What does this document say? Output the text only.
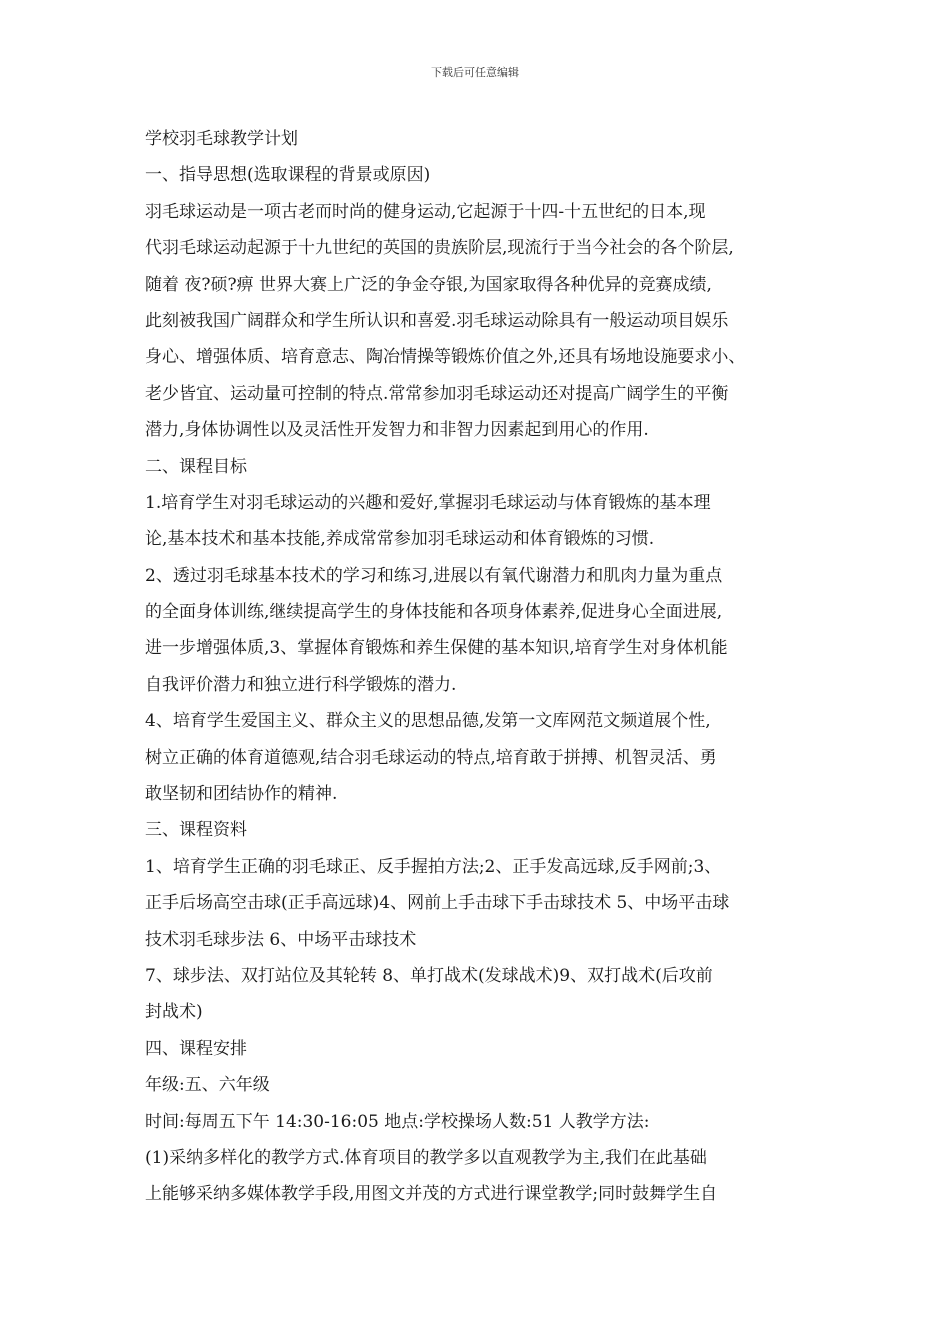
下载后可任意编辑
学校羽毛球教学计划
一、指导思想(选取课程的背景或原因)
羽毛球运动是一项古老而时尚的健身运动,它起源于十四-十五世纪的日本,现
代羽毛球运动起源于十九世纪的英国的贵族阶层,现流行于当今社会的各个阶层,
随着 夜?硕?痹 世界大赛上广泛的争金夺银,为国家取得各种优异的竞赛成绩,
此刻被我国广阔群众和学生所认识和喜爱.羽毛球运动除具有一般运动项目娱乐
身心、增强体质、培育意志、陶冶情操等锻炼价值之外,还具有场地设施要求小、
老少皆宜、运动量可控制的特点.常常参加羽毛球运动还对提高广阔学生的平衡
潜力,身体协调性以及灵活性开发智力和非智力因素起到用心的作用.
二、课程目标
1.培育学生对羽毛球运动的兴趣和爱好,掌握羽毛球运动与体育锻炼的基本理
论,基本技术和基本技能,养成常常参加羽毛球运动和体育锻炼的习惯.
2、透过羽毛球基本技术的学习和练习,进展以有氧代谢潜力和肌肉力量为重点
的全面身体训练,继续提高学生的身体技能和各项身体素养,促进身心全面进展,
进一步增强体质,3、掌握体育锻炼和养生保健的基本知识,培育学生对身体机能
自我评价潜力和独立进行科学锻炼的潜力.
4、培育学生爱国主义、群众主义的思想品德,发第一文库网范文频道展个性,
树立正确的体育道德观,结合羽毛球运动的特点,培育敢于拼搏、机智灵活、勇
敢坚韧和团结协作的精神.
三、课程资料
1、培育学生正确的羽毛球正、反手握拍方法;2、正手发高远球,反手网前;3、
正手后场高空击球(正手高远球)4、网前上手击球下手击球技术 5、中场平击球
技术羽毛球步法 6、中场平击球技术
7、球步法、双打站位及其轮转 8、单打战术(发球战术)9、双打战术(后攻前
封战术)
四、课程安排
年级:五、六年级
时间:每周五下午 14:30-16:05 地点:学校操场人数:51 人教学方法:
(1)采纳多样化的教学方式.体育项目的教学多以直观教学为主,我们在此基础
上能够采纳多媒体教学手段,用图文并茂的方式进行课堂教学;同时鼓舞学生自
